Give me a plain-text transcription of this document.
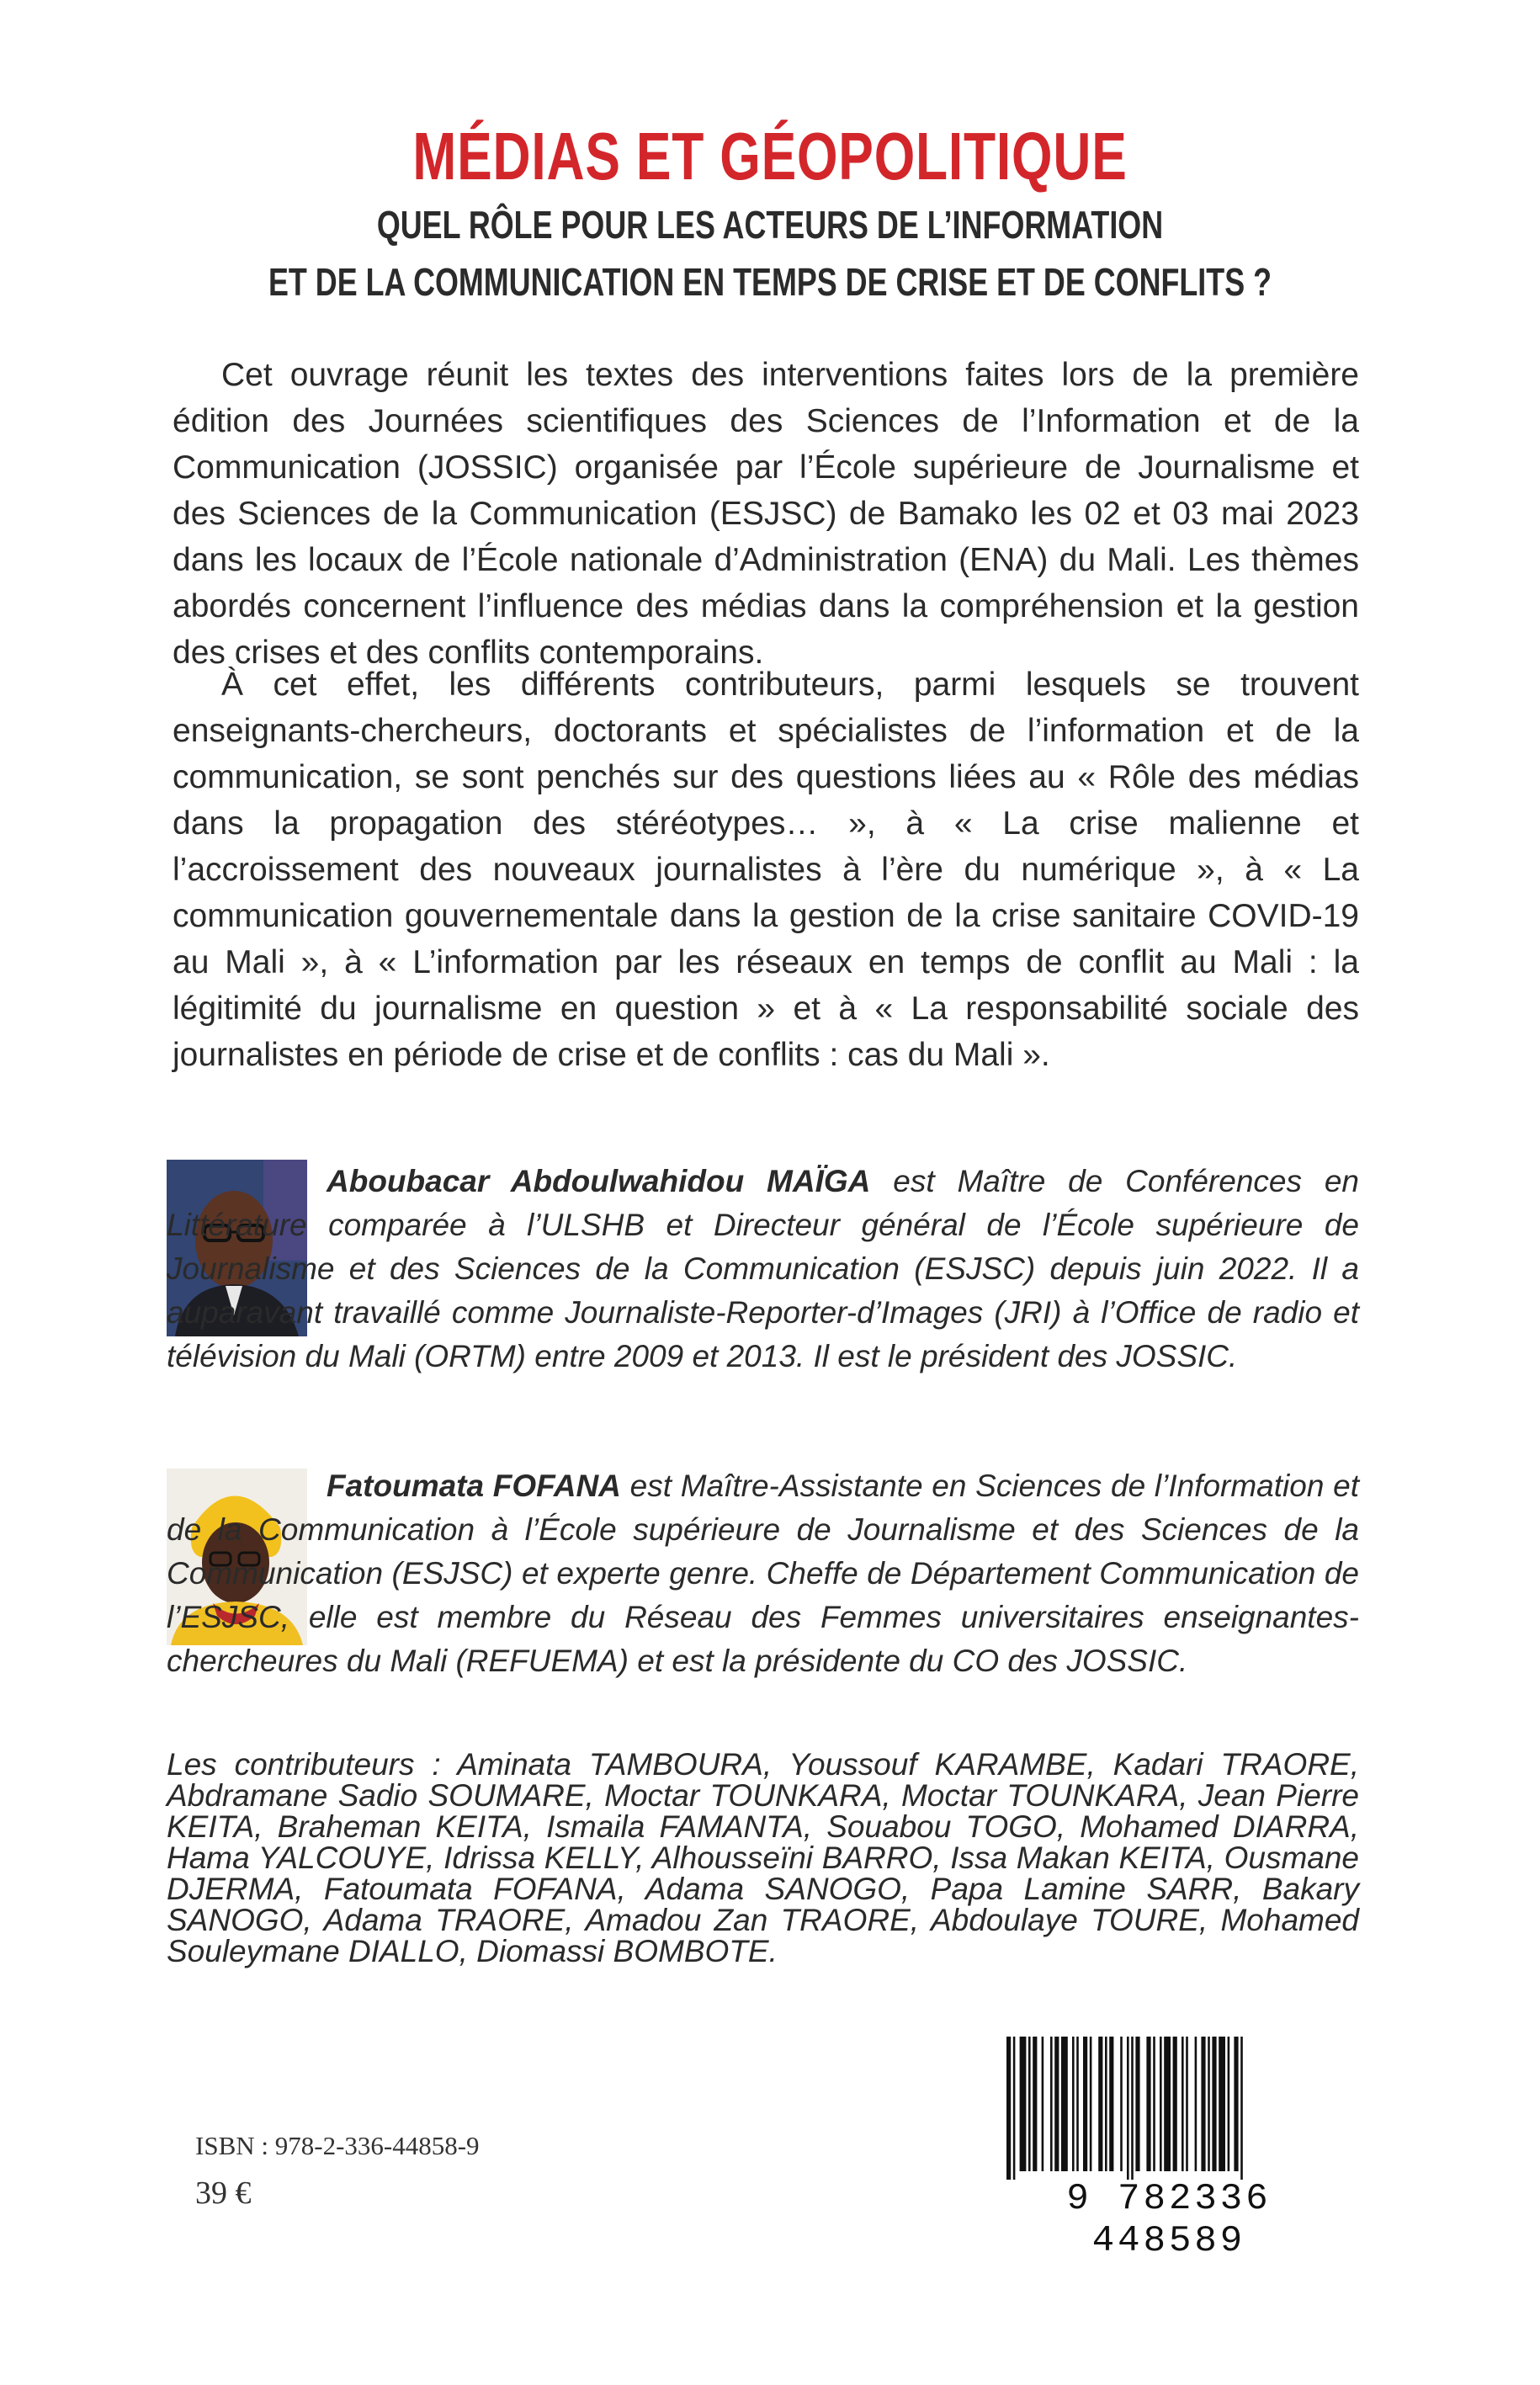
MÉDIAS ET GÉOPOLITIQUE
QUEL RÔLE POUR LES ACTEURS DE L’INFORMATION
ET DE LA COMMUNICATION EN TEMPS DE CRISE ET DE CONFLITS ?

Cet ouvrage réunit les textes des interventions faites lors de la première édition des Journées scientifiques des Sciences de l’Information et de la Communication (JOSSIC) organisée par l’École supérieure de Journalisme et des Sciences de la Communication (ESJSC) de Bamako les 02 et 03 mai 2023 dans les locaux de l’École nationale d’Administration (ENA) du Mali. Les thèmes abordés concernent l’influence des médias dans la compréhension et la gestion des crises et des conflits contemporains.

À cet effet, les différents contributeurs, parmi lesquels se trouvent enseignants-chercheurs, doctorants et spécialistes de l’information et de la communication, se sont penchés sur des questions liées au « Rôle des médias dans la propagation des stéréotypes… », à « La crise malienne et l’accroissement des nouveaux journalistes à l’ère du numérique », à « La communication gouvernementale dans la gestion de la crise sanitaire COVID-19 au Mali », à « L’information par les réseaux en temps de conflit au Mali : la légitimité du journalisme en question » et à « La responsabilité sociale des journalistes en période de crise et de conflits : cas du Mali ».

Aboubacar Abdoulwahidou MAÏGA est Maître de Conférences en Littérature comparée à l’ULSHB et Directeur général de l’École supérieure de Journalisme et des Sciences de la Communication (ESJSC) depuis juin 2022. Il a auparavant travaillé comme Journaliste-Reporter-d’Images (JRI) à l’Office de radio et télévision du Mali (ORTM) entre 2009 et 2013. Il est le président des JOSSIC.

Fatoumata FOFANA est Maître-Assistante en Sciences de l’Information et de la Communication à l’École supérieure de Journalisme et des Sciences de la Communication (ESJSC) et experte genre. Cheffe de Département Communication de l’ESJSC, elle est membre du Réseau des Femmes universitaires enseignantes-chercheures du Mali (REFUEMA) et est la présidente du CO des JOSSIC.

Les contributeurs : Aminata TAMBOURA, Youssouf KARAMBE, Kadari TRAORE, Abdramane Sadio SOUMARE, Moctar TOUNKARA, Moctar TOUNKARA, Jean Pierre KEITA, Braheman KEITA, Ismaila FAMANTA, Souabou TOGO, Mohamed DIARRA, Hama YALCOUYE, Idrissa KELLY, Alhousseïni BARRO, Issa Makan KEITA, Ousmane DJERMA, Fatoumata FOFANA, Adama SANOGO, Papa Lamine SARR, Bakary SANOGO, Adama TRAORE, Amadou Zan TRAORE, Abdoulaye TOURE, Mohamed Souleymane DIALLO, Diomassi BOMBOTE.

ISBN : 978-2-336-44858-9
39 €	9 782336 448589
